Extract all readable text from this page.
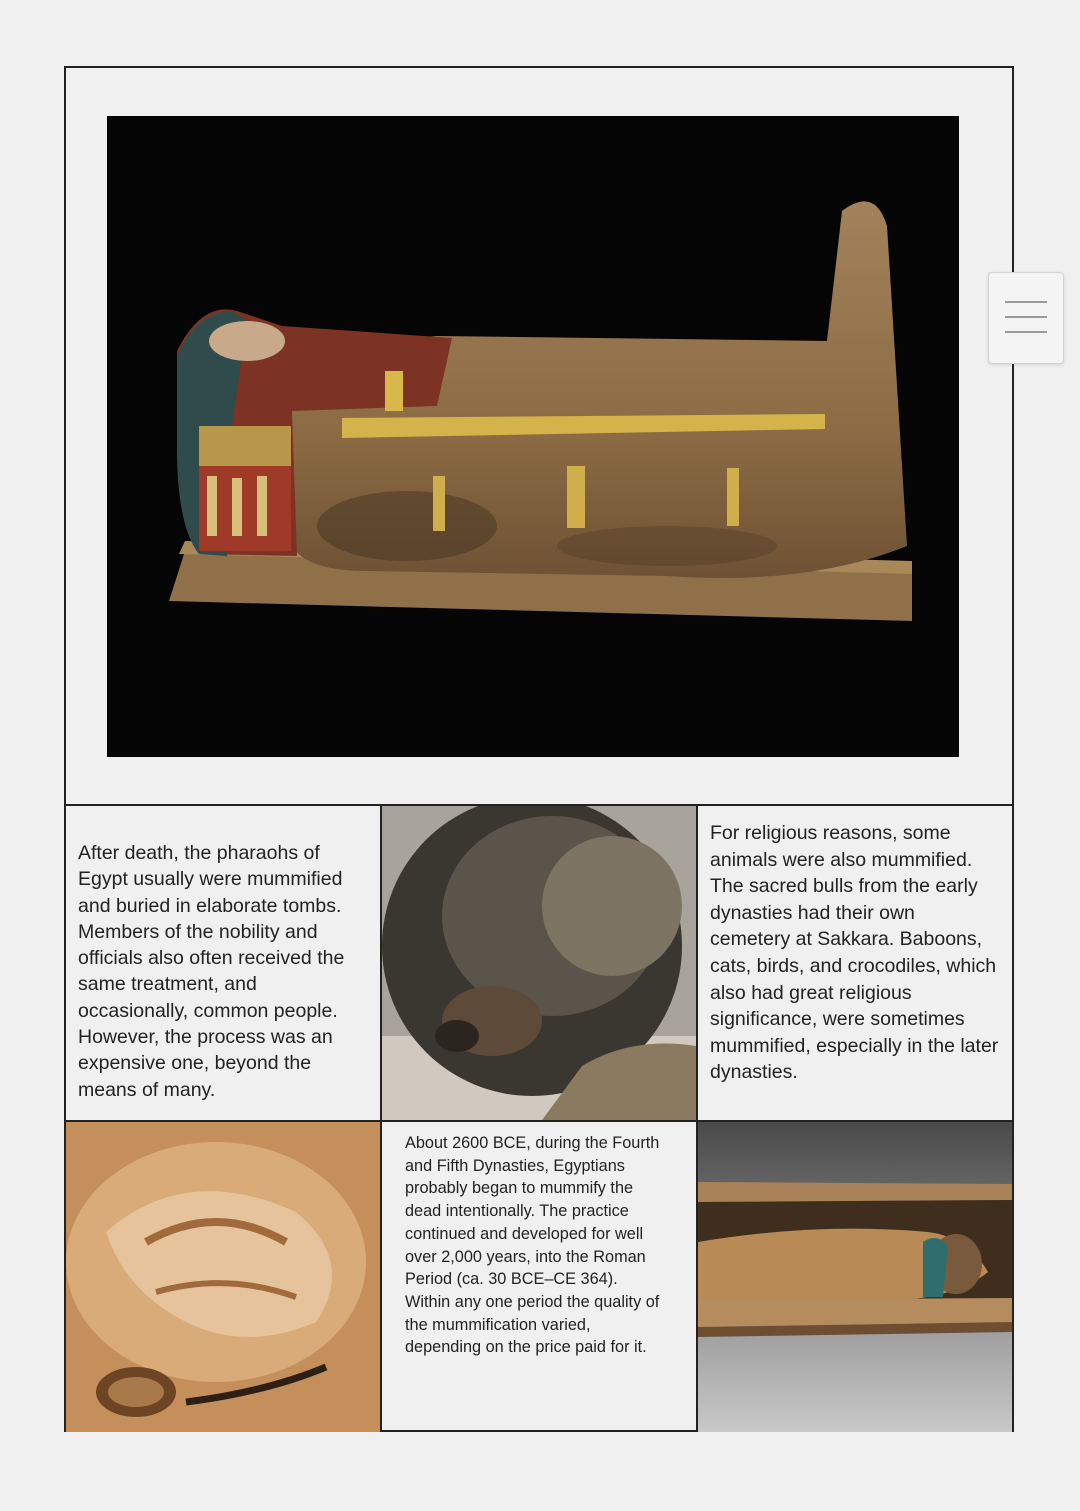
After death, the pharaohs of Egypt usually were mummified and buried in elaborate tombs. Members of the nobility and officials also often received the same treatment, and occasionally, common people. However, the process was an expensive one, beyond the means of many.
For religious reasons, some animals were also mummified. The sacred bulls from the early dynasties had their own cemetery at Sakkara. Baboons, cats, birds, and crocodiles, which also had great religious significance, were sometimes mummified, especially in the later dynasties.
About 2600 BCE, during the Fourth and Fifth Dynasties, Egyptians probably began to mummify the dead intentionally. The practice continued and developed for well over 2,000 years, into the Roman Period (ca. 30 BCE–CE 364). Within any one period the quality of the mummification varied, depending on the price paid for it.
